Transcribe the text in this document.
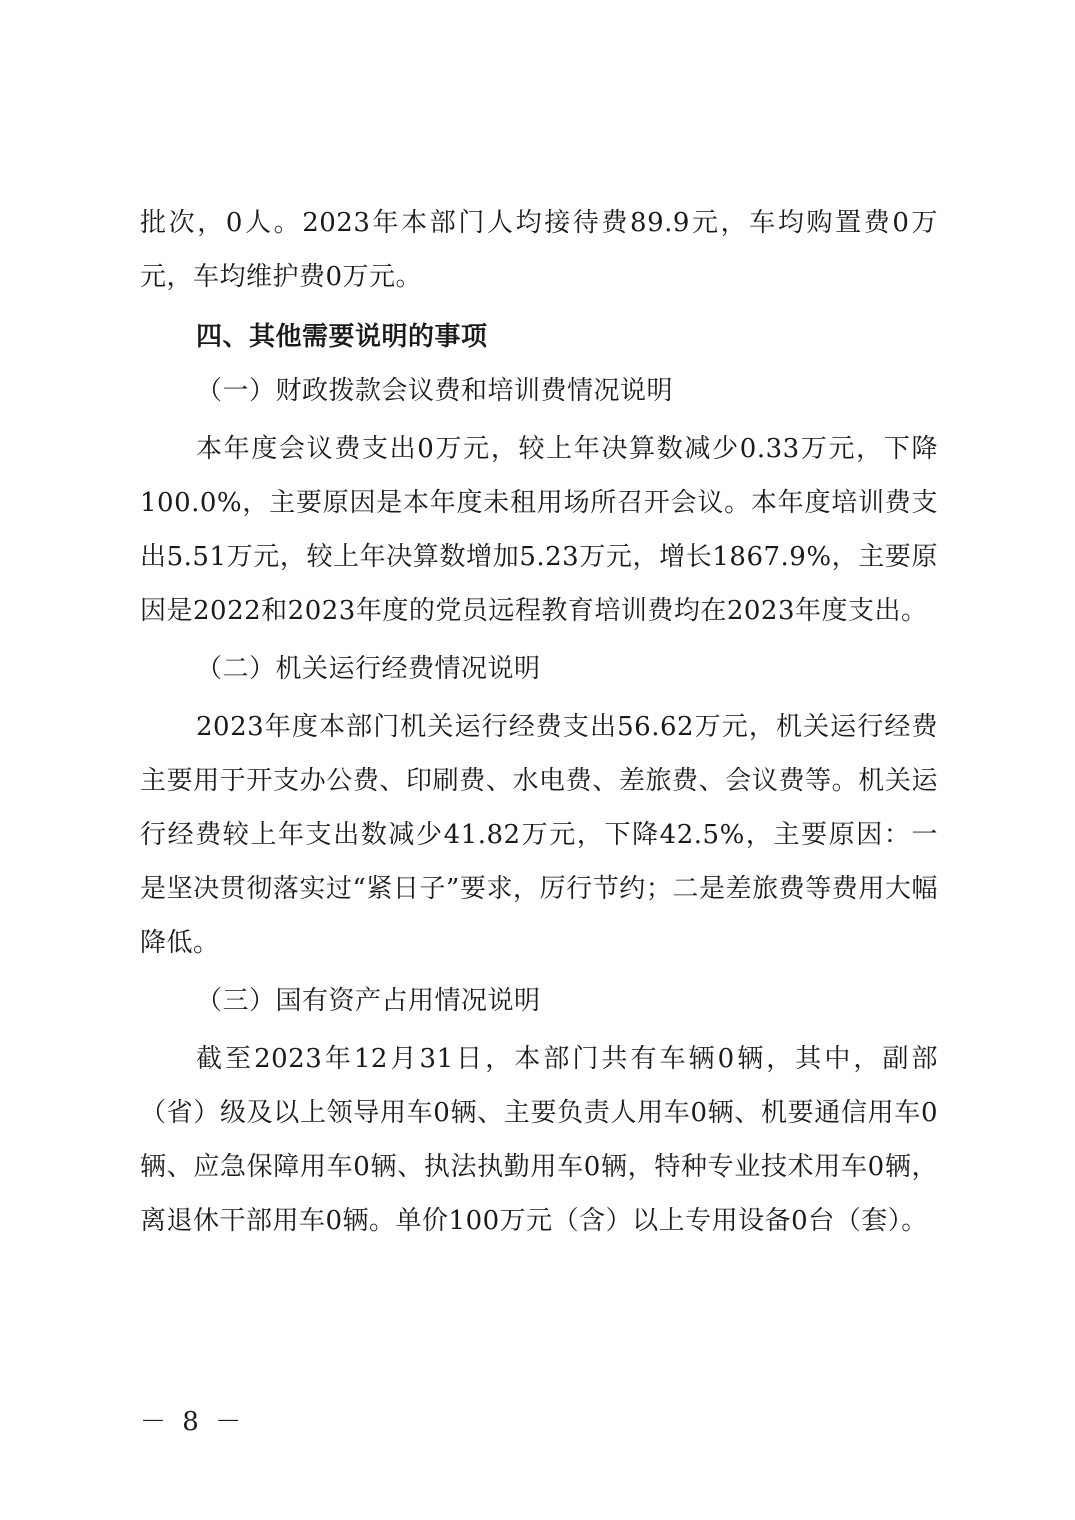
批次，0人。2023年本部门人均接待费89.9元，车均购置费0万元，车均维护费0万元。

四、其他需要说明的事项

（一）财政拨款会议费和培训费情况说明

本年度会议费支出0万元，较上年决算数减少0.33万元，下降100.0%，主要原因是本年度未租用场所召开会议。本年度培训费支出5.51万元，较上年决算数增加5.23万元，增长1867.9%，主要原因是2022和2023年度的党员远程教育培训费均在2023年度支出。

（二）机关运行经费情况说明

2023年度本部门机关运行经费支出56.62万元，机关运行经费主要用于开支办公费、印刷费、水电费、差旅费、会议费等。机关运行经费较上年支出数减少41.82万元，下降42.5%，主要原因：一是坚决贯彻落实过“紧日子”要求，厉行节约；二是差旅费等费用大幅降低。

（三）国有资产占用情况说明

截至2023年12月31日，本部门共有车辆0辆，其中，副部（省）级及以上领导用车0辆、主要负责人用车0辆、机要通信用车0辆、应急保障用车0辆、执法执勤用车0辆，特种专业技术用车0辆，离退休干部用车0辆。单价100万元（含）以上专用设备0台（套）。

－ 8 －
